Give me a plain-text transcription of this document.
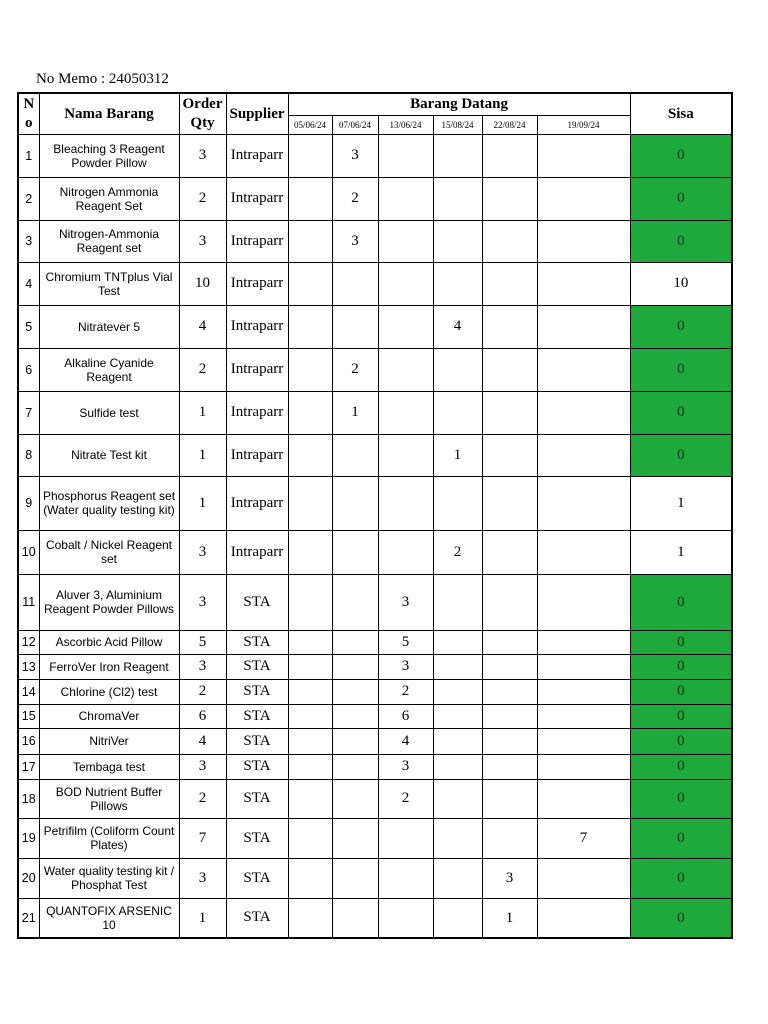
No Memo : 24050312
No	Nama Barang	Order Qty	Supplier	Barang Datang						Sisa
				05/06/24	07/06/24	13/06/24	15/08/24	22/08/24	19/09/24	
1	Bleaching 3 Reagent Powder Pillow	3	Intraparr		3					0
2	Nitrogen Ammonia Reagent Set	2	Intraparr		2					0
3	Nitrogen-Ammonia Reagent set	3	Intraparr		3					0
4	Chromium TNTplus Vial Test	10	Intraparr							10
5	Nitratever 5	4	Intraparr				4			0
6	Alkaline Cyanide Reagent	2	Intraparr		2					0
7	Sulfide test	1	Intraparr		1					0
8	Nitrate Test kit	1	Intraparr				1			0
9	Phosphorus Reagent set (Water quality testing kit)	1	Intraparr							1
10	Cobalt / Nickel Reagent set	3	Intraparr				2			1
11	Aluver 3, Aluminium Reagent Powder Pillows	3	STA			3				0
12	Ascorbic Acid Pillow	5	STA			5				0
13	FerroVer Iron Reagent	3	STA			3				0
14	Chlorine (Cl2) test	2	STA			2				0
15	ChromaVer	6	STA			6				0
16	NitriVer	4	STA			4				0
17	Tembaga test	3	STA			3				0
18	BOD Nutrient Buffer Pillows	2	STA			2				0
19	Petrifilm (Coliform Count Plates)	7	STA						7	0
20	Water quality testing kit / Phosphat Test	3	STA					3		0
21	QUANTOFIX ARSENIC 10	1	STA					1		0
